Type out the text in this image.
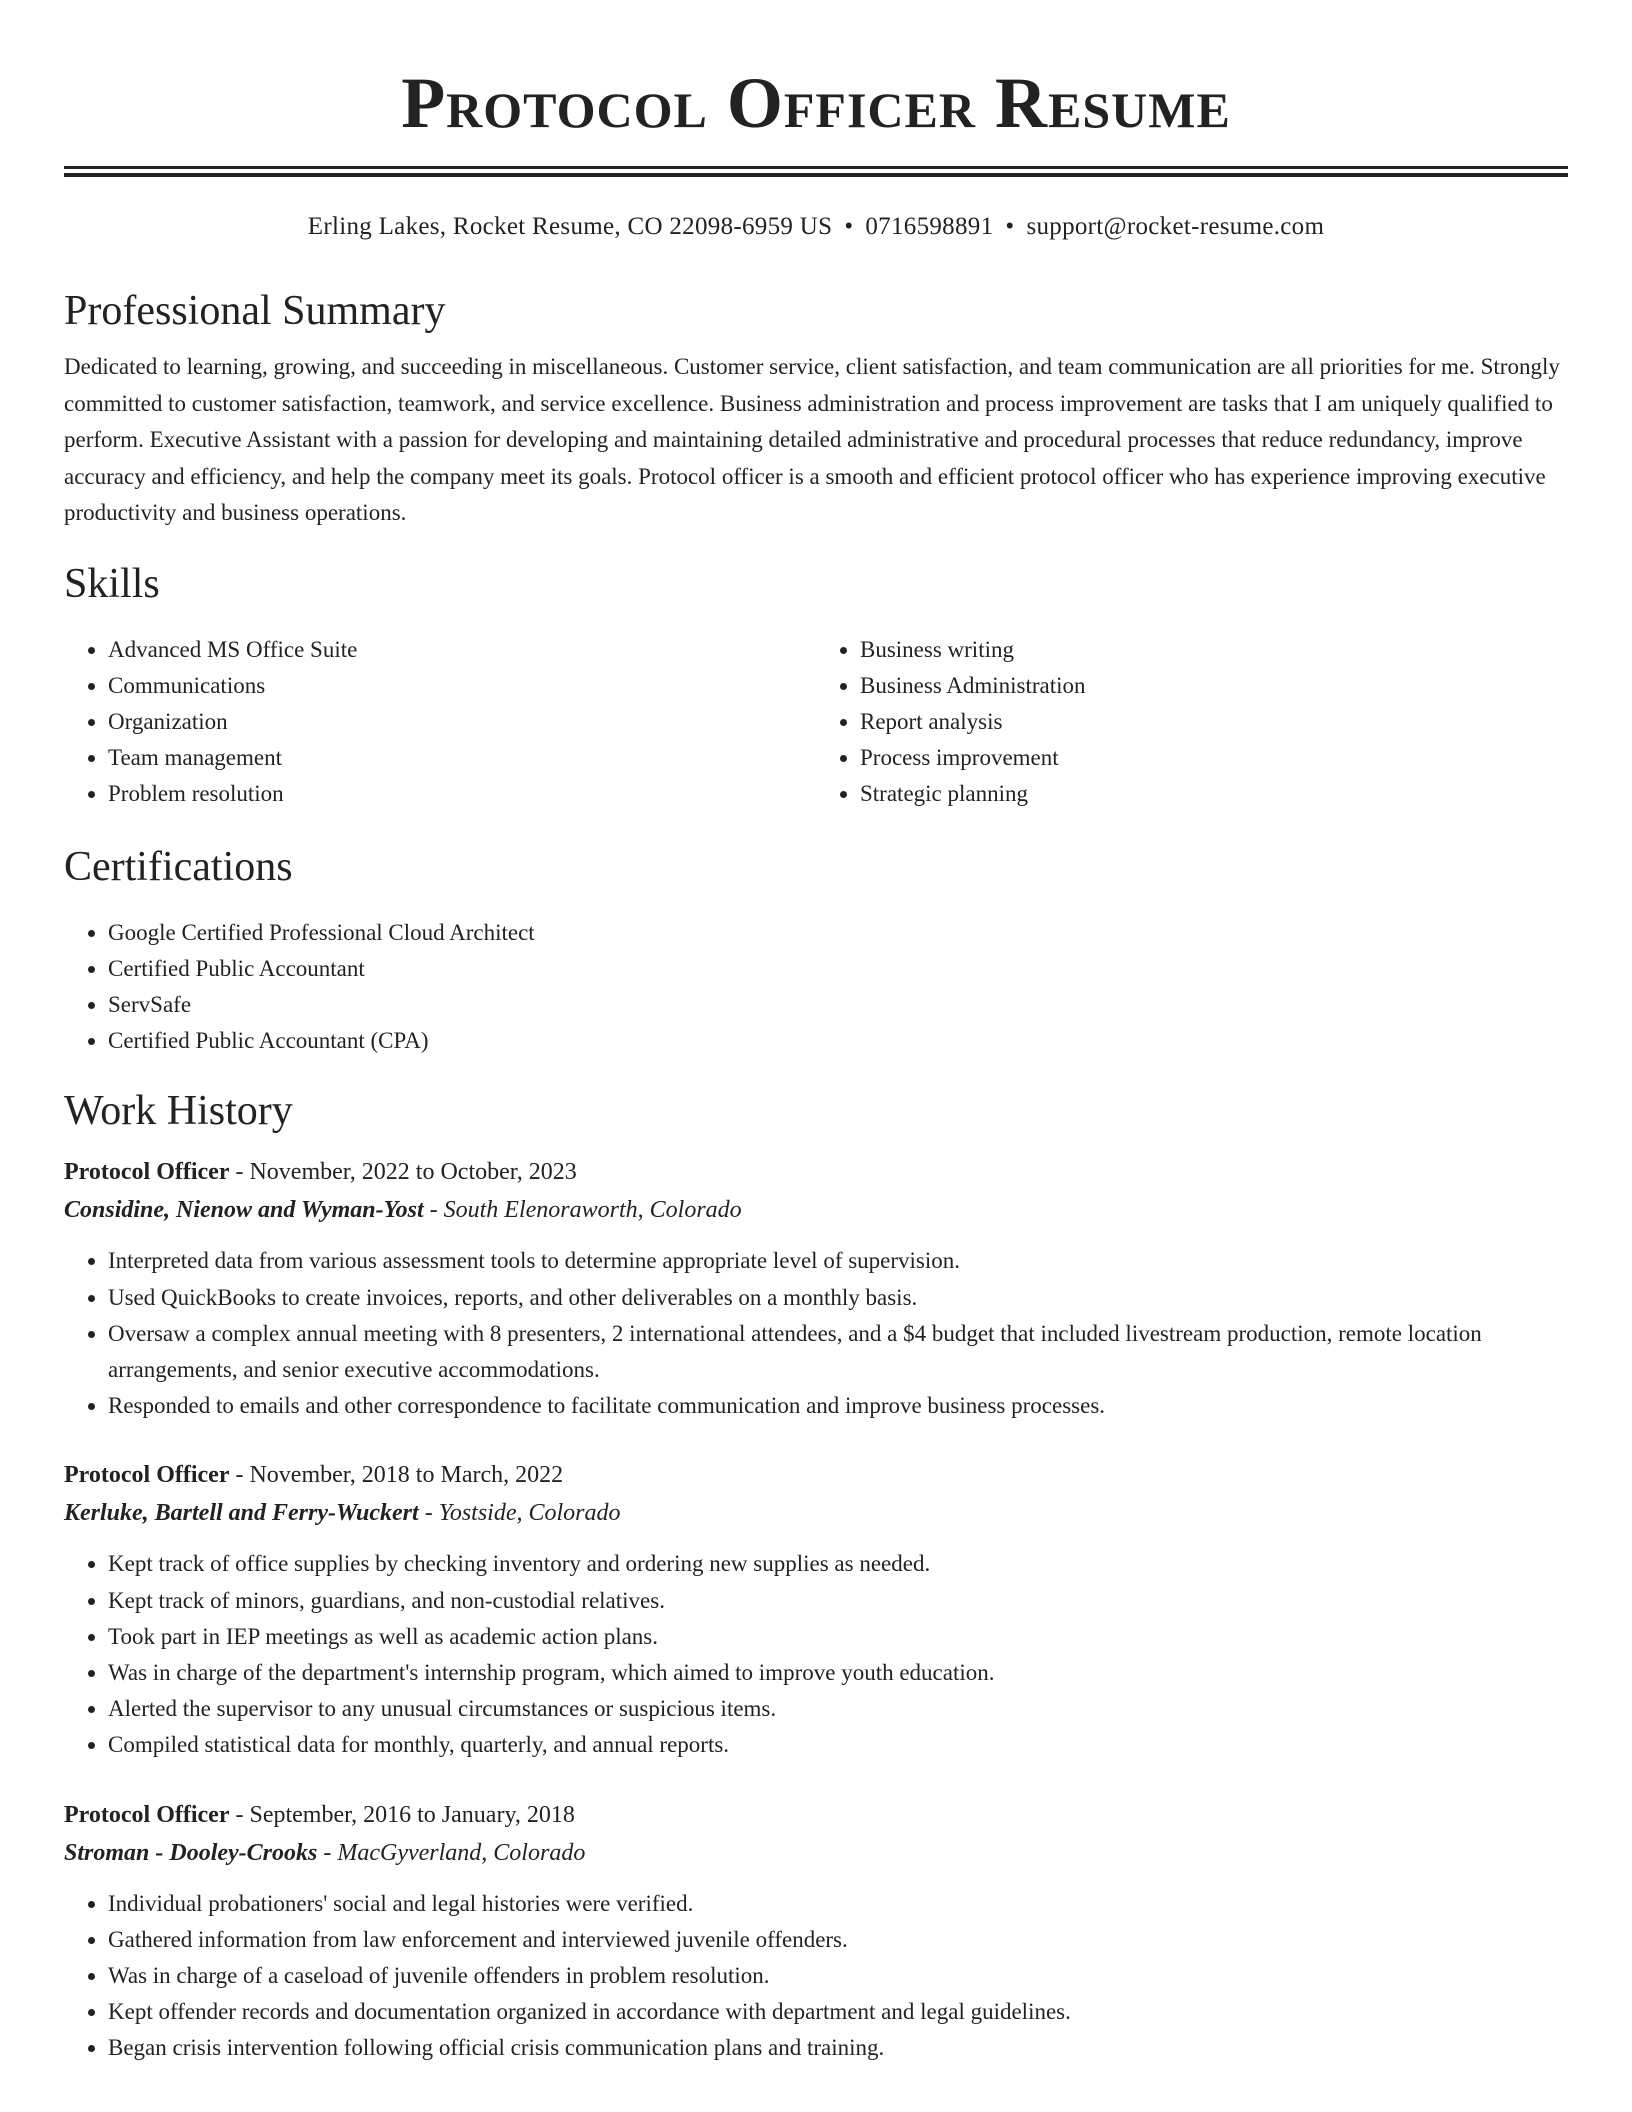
Protocol Officer Resume
Erling Lakes, Rocket Resume, CO 22098-6959 US • 0716598891 • support@rocket-resume.com
Professional Summary

Dedicated to learning, growing, and succeeding in miscellaneous. Customer service, client satisfaction, and team communication are all priorities for me. Strongly committed to customer satisfaction, teamwork, and service excellence. Business administration and process improvement are tasks that I am uniquely qualified to perform. Executive Assistant with a passion for developing and maintaining detailed administrative and procedural processes that reduce redundancy, improve accuracy and efficiency, and help the company meet its goals. Protocol officer is a smooth and efficient protocol officer who has experience improving executive productivity and business operations.

Skills
• Advanced MS Office Suite
• Communications
• Organization
• Team management
• Problem resolution
• Business writing
• Business Administration
• Report analysis
• Process improvement
• Strategic planning
Certifications
• Google Certified Professional Cloud Architect
• Certified Public Accountant
• ServSafe
• Certified Public Accountant (CPA)
Work History
Protocol Officer - November, 2022 to October, 2023
Considine, Nienow and Wyman-Yost - South Elenoraworth, Colorado
• Interpreted data from various assessment tools to determine appropriate level of supervision.
• Used QuickBooks to create invoices, reports, and other deliverables on a monthly basis.
• Oversaw a complex annual meeting with 8 presenters, 2 international attendees, and a $4 budget that included livestream production, remote location arrangements, and senior executive accommodations.
• Responded to emails and other correspondence to facilitate communication and improve business processes.
Protocol Officer - November, 2018 to March, 2022
Kerluke, Bartell and Ferry-Wuckert - Yostside, Colorado
• Kept track of office supplies by checking inventory and ordering new supplies as needed.
• Kept track of minors, guardians, and non-custodial relatives.
• Took part in IEP meetings as well as academic action plans.
• Was in charge of the department's internship program, which aimed to improve youth education.
• Alerted the supervisor to any unusual circumstances or suspicious items.
• Compiled statistical data for monthly, quarterly, and annual reports.
Protocol Officer - September, 2016 to January, 2018
Stroman - Dooley-Crooks - MacGyverland, Colorado
• Individual probationers' social and legal histories were verified.
• Gathered information from law enforcement and interviewed juvenile offenders.
• Was in charge of a caseload of juvenile offenders in problem resolution.
• Kept offender records and documentation organized in accordance with department and legal guidelines.
• Began crisis intervention following official crisis communication plans and training.
